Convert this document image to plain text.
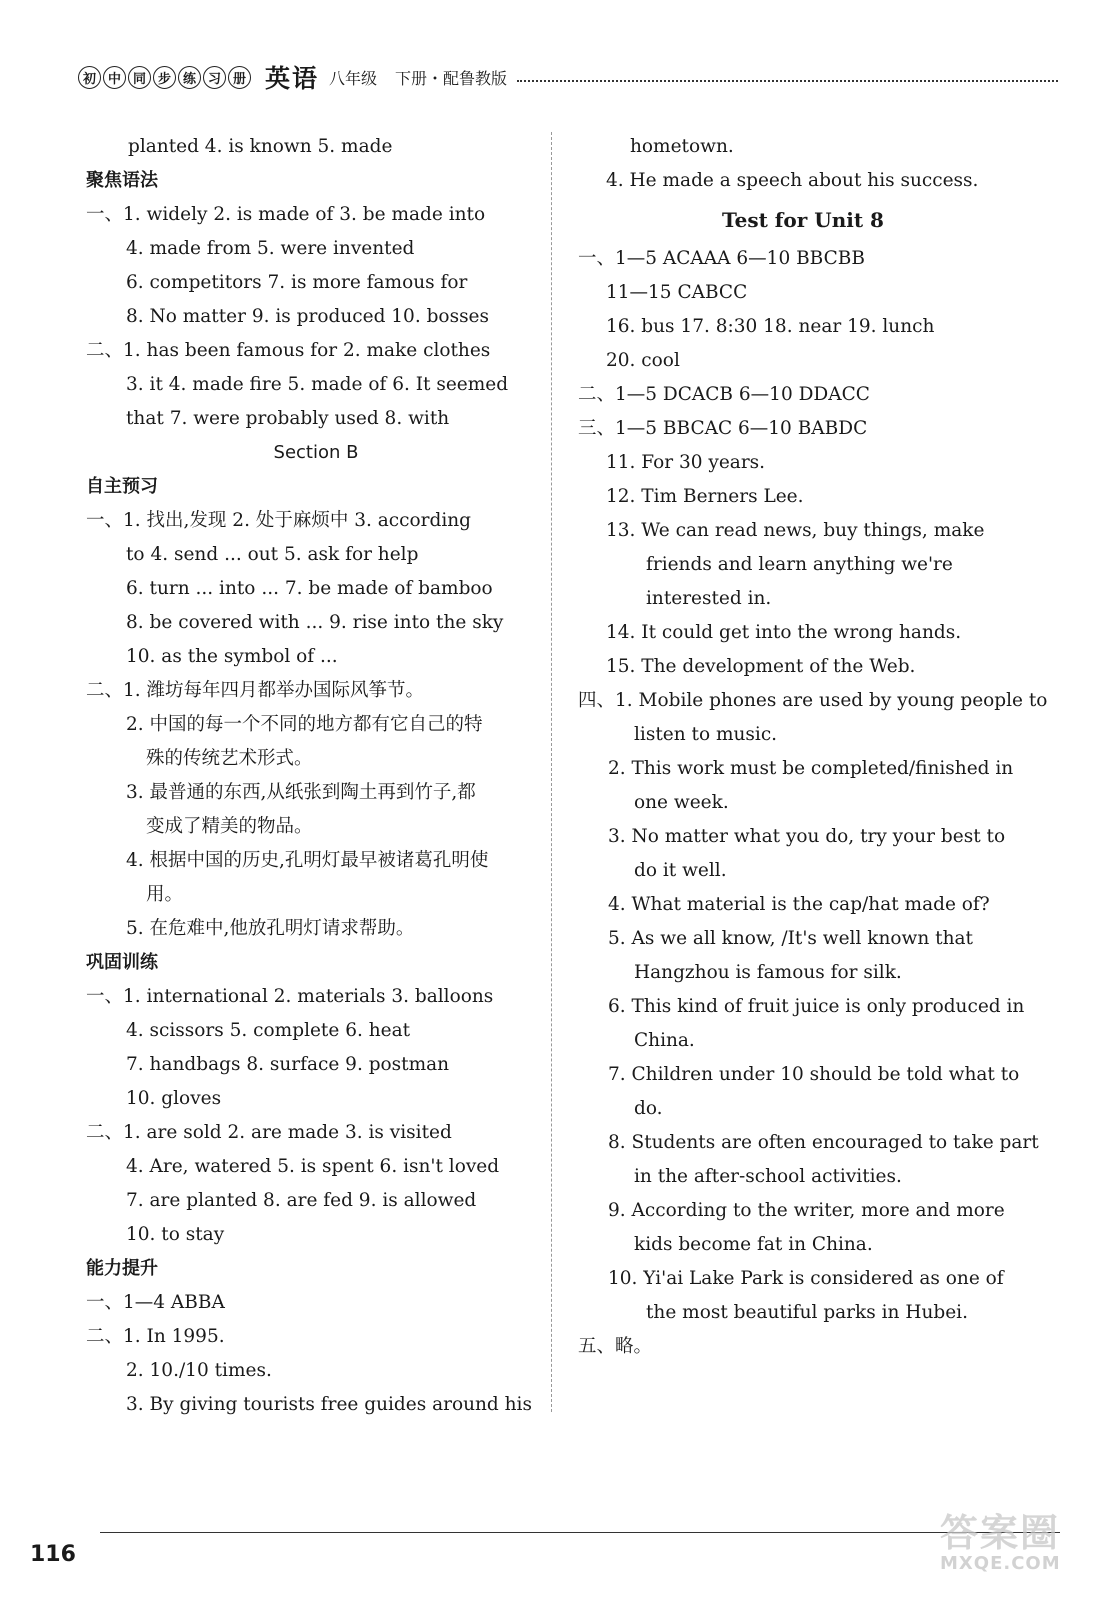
初 中 同 步 练 习 册 英语 八年级 下册・配鲁教版
planted 4. is known 5. made
聚焦语法
一、1. widely 2. is made of 3. be made into
4. made from 5. were invented
6. competitors 7. is more famous for
8. No matter 9. is produced 10. bosses
二、1. has been famous for 2. make clothes
3. it 4. made fire 5. made of 6. It seemed
that 7. were probably used 8. with
Section B
自主预习
一、1. 找出,发现 2. 处于麻烦中 3. according
to 4. send ... out 5. ask for help
6. turn ... into ... 7. be made of bamboo
8. be covered with ... 9. rise into the sky
10. as the symbol of ...
二、1. 潍坊每年四月都举办国际风筝节。
2. 中国的每一个不同的地方都有它自己的特
殊的传统艺术形式。
3. 最普通的东西,从纸张到陶土再到竹子,都
变成了精美的物品。
4. 根据中国的历史,孔明灯最早被诸葛孔明使
用。
5. 在危难中,他放孔明灯请求帮助。
巩固训练
一、1. international 2. materials 3. balloons
4. scissors 5. complete 6. heat
7. handbags 8. surface 9. postman
10. gloves
二、1. are sold 2. are made 3. is visited
4. Are, watered 5. is spent 6. isn't loved
7. are planted 8. are fed 9. is allowed
10. to stay
能力提升
一、1—4 ABBA
二、1. In 1995.
2. 10./10 times.
3. By giving tourists free guides around his
hometown.
4. He made a speech about his success.
Test for Unit 8
一、1—5 ACAAA 6—10 BBCBB
11—15 CABCC
16. bus 17. 8:30 18. near 19. lunch
20. cool
二、1—5 DCACB 6—10 DDACC
三、1—5 BBCAC 6—10 BABDC
11. For 30 years.
12. Tim Berners Lee.
13. We can read news, buy things, make
friends and learn anything we're
interested in.
14. It could get into the wrong hands.
15. The development of the Web.
四、1. Mobile phones are used by young people to
listen to music.
2. This work must be completed/finished in
one week.
3. No matter what you do, try your best to
do it well.
4. What material is the cap/hat made of?
5. As we all know, /It's well known that
Hangzhou is famous for silk.
6. This kind of fruit juice is only produced in
China.
7. Children under 10 should be told what to
do.
8. Students are often encouraged to take part
in the after-school activities.
9. According to the writer, more and more
kids become fat in China.
10. Yi'ai Lake Park is considered as one of
the most beautiful parks in Hubei.
五、略。
116	答案圈
MXQE.COM
